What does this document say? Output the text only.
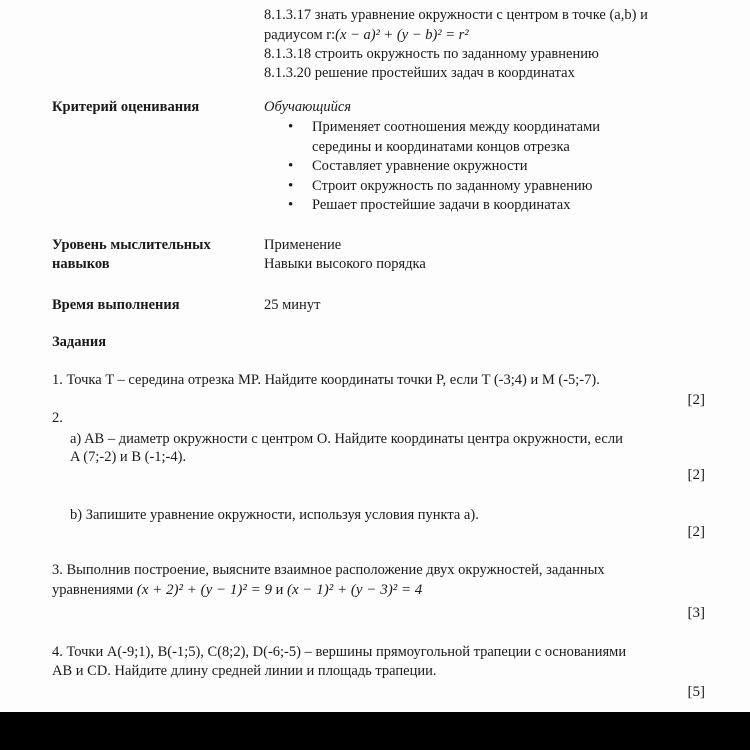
8.1.3.17 знать уравнение окружности с центром в точке (a,b) и
радиусом r:(x − a)² + (y − b)² = r²
8.1.3.18 строить окружность по заданному уравнению
8.1.3.20 решение простейших задач в координатах
Критерий оценивания	Обучающийся
• Применяет соотношения между координатами
середины и координатами концов отрезка
• Составляет уравнение окружности
• Строит окружность по заданному уравнению
• Решает простейшие задачи в координатах
Уровень мыслительных
навыков
Применение
Навыки высокого порядка
Время выполнения	25 минут
Задания
1. Точка T – середина отрезка MP. Найдите координаты точки P, если T (-3;4) и M (-5;-7).
[2]
2.
a) AB – диаметр окружности с центром O. Найдите координаты центра окружности, если
A (7;-2) и B (-1;-4).
[2]
b) Запишите уравнение окружности, используя условия пункта a).
[2]
3. Выполнив построение, выясните взаимное расположение двух окружностей, заданных
уравнениями (x + 2)² + (y − 1)² = 9 и (x − 1)² + (y − 3)² = 4
[3]
4. Точки A(-9;1), B(-1;5), C(8;2), D(-6;-5) – вершины прямоугольной трапеции с основаниями
AB и CD. Найдите длину средней линии и площадь трапеции.
[5]
